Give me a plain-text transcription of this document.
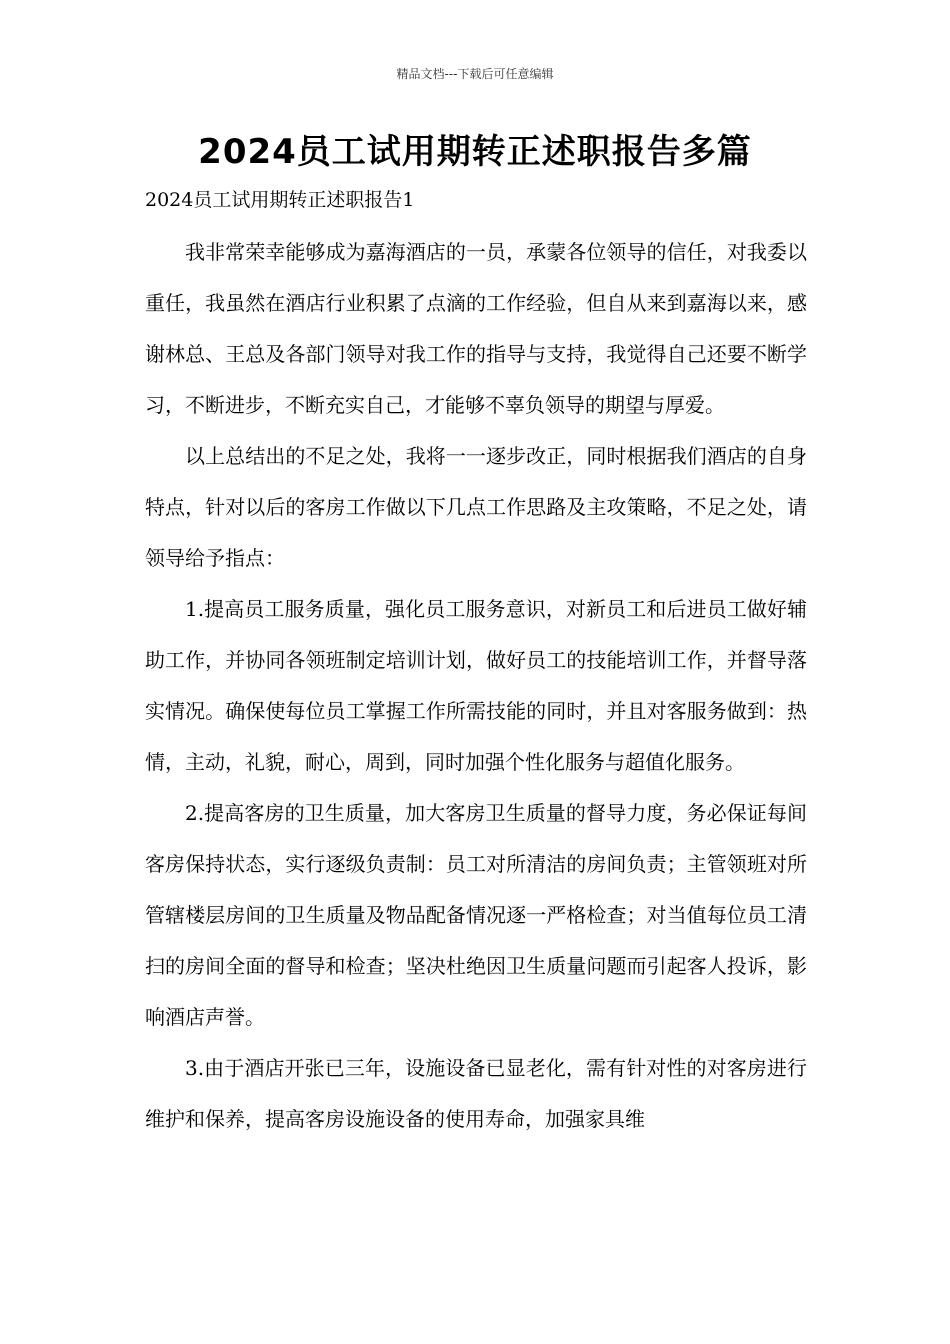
精品文档---下载后可任意编辑
2024员工试用期转正述职报告多篇
2024员工试用期转正述职报告1

我非常荣幸能够成为嘉海酒店的一员，承蒙各位领导的信任，对我委以重任，我虽然在酒店行业积累了点滴的工作经验，但自从来到嘉海以来，感谢林总、王总及各部门领导对我工作的指导与支持，我觉得自己还要不断学习，不断进步，不断充实自己，才能够不辜负领导的期望与厚爱。

以上总结出的不足之处，我将一一逐步改正，同时根据我们酒店的自身特点，针对以后的客房工作做以下几点工作思路及主攻策略，不足之处，请领导给予指点：

1.提高员工服务质量，强化员工服务意识，对新员工和后进员工做好辅助工作，并协同各领班制定培训计划，做好员工的技能培训工作，并督导落实情况。确保使每位员工掌握工作所需技能的同时，并且对客服务做到：热情，主动，礼貌，耐心，周到，同时加强个性化服务与超值化服务。

2.提高客房的卫生质量，加大客房卫生质量的督导力度，务必保证每间客房保持状态，实行逐级负责制：员工对所清洁的房间负责；主管领班对所管辖楼层房间的卫生质量及物品配备情况逐一严格检查；对当值每位员工清扫的房间全面的督导和检查；坚决杜绝因卫生质量问题而引起客人投诉，影响酒店声誉。

3.由于酒店开张已三年，设施设备已显老化，需有针对性的对客房进行维护和保养，提高客房设施设备的使用寿命，加强家具维
